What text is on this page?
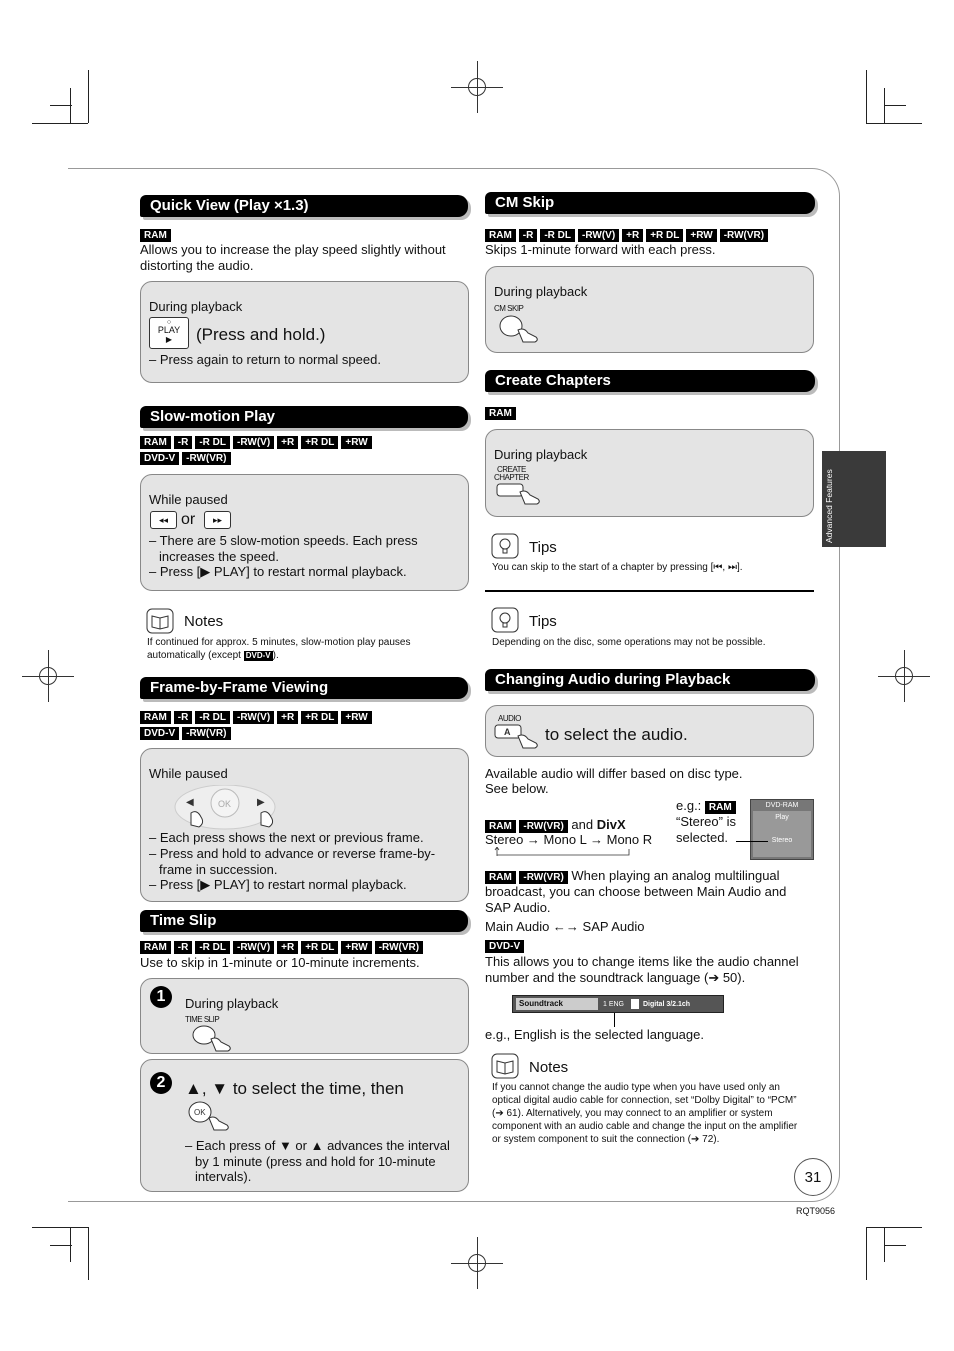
Quick View (Play ×1.3)
RAM
Allows you to increase the play speed slightly without distorting the audio.
During playback
○
PLAY
▶	(Press and hold.)
– Press again to return to normal speed.
Slow-motion Play
RAM	-R	-R DL	-RW(V)	+R	+R DL	+RW
DVD-V	-RW(VR)
While paused
◂◂ or	▸▸
– There are 5 slow-motion speeds. Each press increases the speed.
– Press [▶ PLAY] to restart normal playback.
Notes
If continued for approx. 5 minutes, slow-motion play pauses automatically (except DVD-V ).
Frame-by-Frame Viewing
RAM	-R	-R DL	-RW(V)	+R	+R DL	+RW
DVD-V	-RW(VR)
While paused
OK
◀	▶
– Each press shows the next or previous frame.
– Press and hold to advance or reverse frame-by-frame in succession.
– Press [▶ PLAY] to restart normal playback.
Time Slip
RAM	-R	-R DL	-RW(V)	+R	+R DL	+RW	-RW(VR)
Use to skip in 1-minute or 10-minute increments.
1	During playback
TIME SLIP
2	▲, ▼ to select the time, then
OK
– Each press of ▼ or ▲ advances the interval by 1 minute (press and hold for 10-minute intervals).
CM Skip
RAM	-R	-R DL	-RW(V)	+R	+R DL	+RW	-RW(VR)
Skips 1-minute forward with each press.
During playback
CM SKIP
Create Chapters
RAM
During playback
CREATE
CHAPTER
Tips
You can skip to the start of a chapter by pressing [⏮, ⏭].
Tips
Depending on the disc, some operations may not be possible.
Changing Audio during Playback
AUDIO
A to select the audio.
Available audio will differ based on disc type.
See below.
e.g.: RAM
“Stereo” is selected.
DVD-RAM
Play
Stereo
RAM -RW(VR) and DivX
Stereo → Mono L → Mono R
RAM -RW(VR) When playing an analog multilingual broadcast, you can choose between Main Audio and SAP Audio.
Main Audio ←→ SAP Audio
DVD-V
This allows you to change items like the audio channel number and the soundtrack language (➔ 50).
Soundtrack	1 ENG	Digital 3/2.1ch
e.g., English is the selected language.
Notes
If you cannot change the audio type when you have used only an optical digital audio cable for connection, set “Dolby Digital” to “PCM” (➔ 61). Alternatively, you may connect to an amplifier or system component with an audio cable and change the input on the amplifier or system component to suit the connection (➔ 72).
Advanced Features
31
RQT9056
